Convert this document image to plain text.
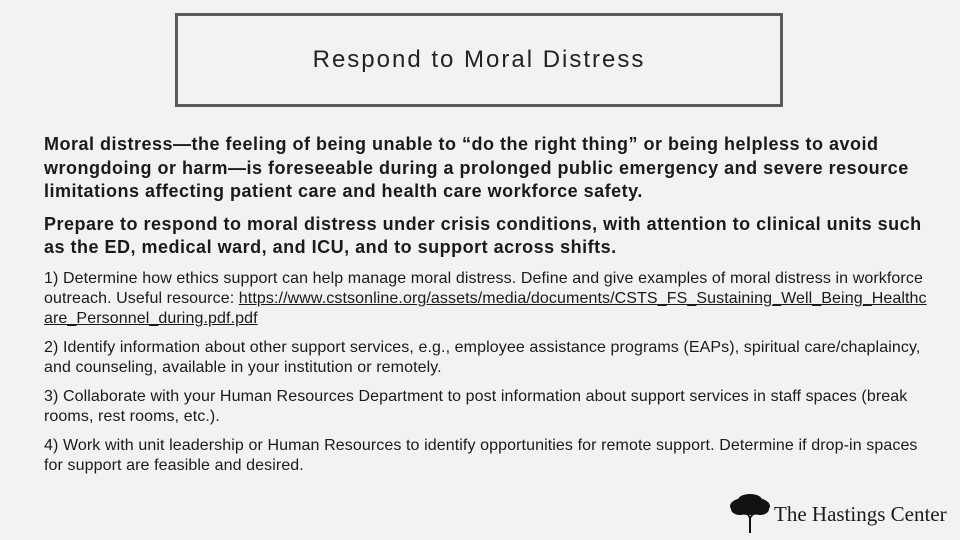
Respond to Moral Distress

Moral distress—the feeling of being unable to “do the right thing” or being helpless to avoid wrongdoing or harm—is foreseeable during a prolonged public emergency and severe resource limitations affecting patient care and health care workforce safety.

Prepare to respond to moral distress under crisis conditions, with attention to clinical units such as the ED, medical ward, and ICU, and to support across shifts.

1) Determine how ethics support can help manage moral distress. Define and give examples of moral distress in workforce outreach. Useful resource: https://www.cstsonline.org/assets/media/documents/CSTS_FS_Sustaining_Well_Being_Healthcare_Personnel_during.pdf.pdf

2) Identify information about other support services, e.g., employee assistance programs (EAPs), spiritual care/chaplaincy, and counseling, available in your institution or remotely.

3) Collaborate with your Human Resources Department to post information about support services in staff spaces (break rooms, rest rooms, etc.).

4) Work with unit leadership or Human Resources to identify opportunities for remote support. Determine if drop-in spaces for support are feasible and desired.

The Hastings Center
